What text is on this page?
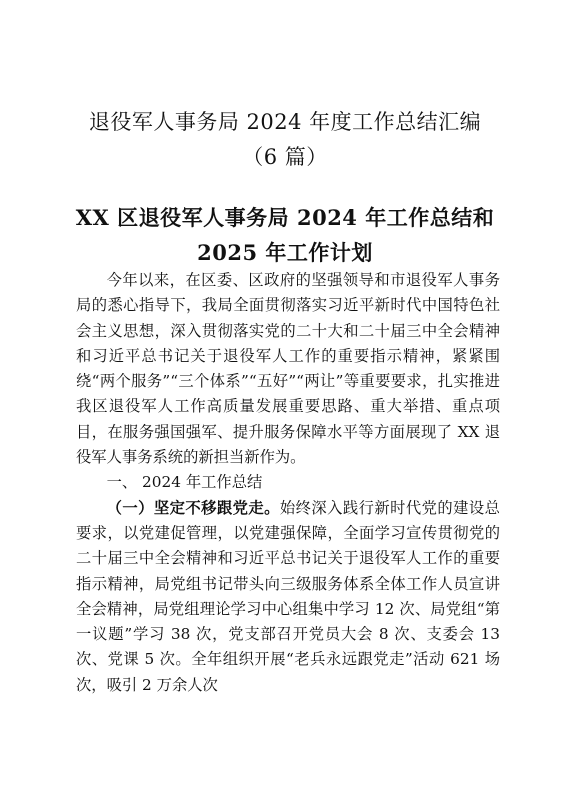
退役军人事务局 2024 年度工作总结汇编
（6 篇）
XX 区退役军人事务局 2024 年工作总结和
2025 年工作计划

今年以来，在区委、区政府的坚强领导和市退役军人事务局的悉心指导下，我局全面贯彻落实习近平新时代中国特色社会主义思想，深入贯彻落实党的二十大和二十届三中全会精神和习近平总书记关于退役军人工作的重要指示精神，紧紧围绕“两个服务”“三个体系”“五好”“两让”等重要要求，扎实推进我区退役军人工作高质量发展重要思路、重大举措、重点项目，在服务强国强军、提升服务保障水平等方面展现了 XX 退役军人事务系统的新担当新作为。

一、 2024 年工作总结

（一）坚定不移跟党走。始终深入践行新时代党的建设总要求，以党建促管理，以党建强保障，全面学习宣传贯彻党的二十届三中全会精神和习近平总书记关于退役军人工作的重要指示精神，局党组书记带头向三级服务体系全体工作人员宣讲全会精神，局党组理论学习中心组集中学习 12 次、局党组“第一议题”学习 38 次，党支部召开党员大会 8 次、支委会 13 次、党课 5 次。全年组织开展“老兵永远跟党走”活动 621 场次，吸引 2 万余人次
